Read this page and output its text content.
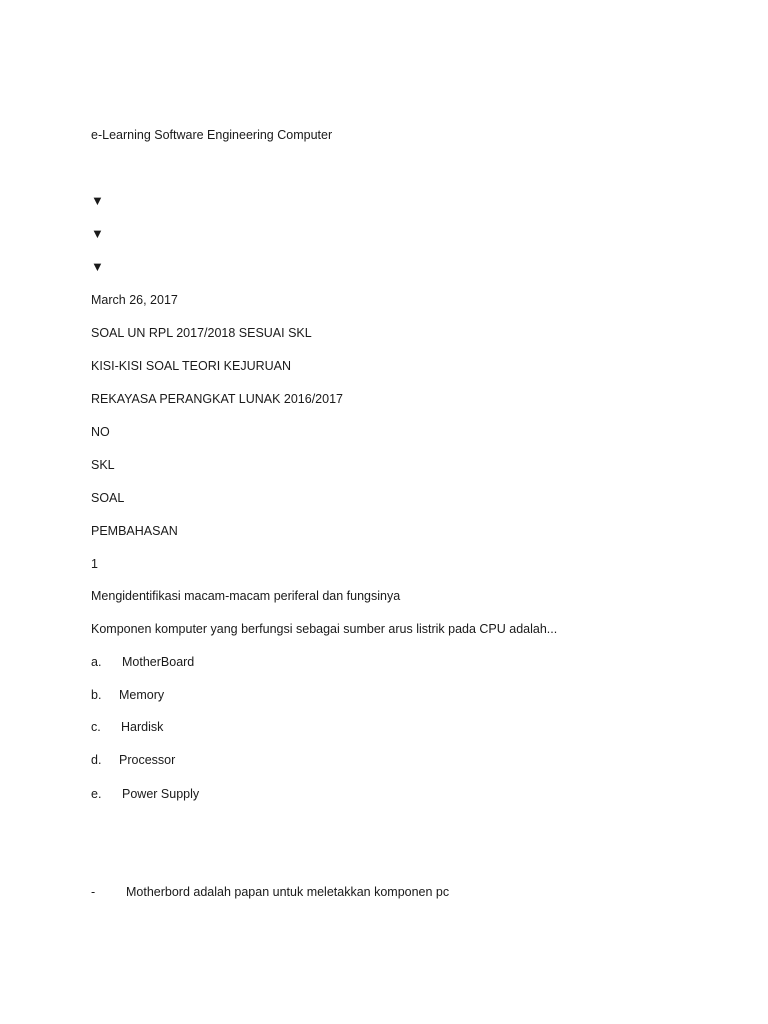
e-Learning Software Engineering Computer
▼
▼
▼
March 26, 2017
SOAL UN RPL 2017/2018 SESUAI SKL
KISI-KISI SOAL TEORI KEJURUAN
REKAYASA PERANGKAT LUNAK 2016/2017
NO
SKL
SOAL
PEMBAHASAN
1
Mengidentifikasi macam-macam periferal dan fungsinya
Komponen komputer yang berfungsi sebagai sumber arus listrik pada CPU adalah...
a. MotherBoard
b. Memory
c. Hardisk
d. Processor
e. Power Supply
- Motherbord adalah papan untuk meletakkan komponen pc
